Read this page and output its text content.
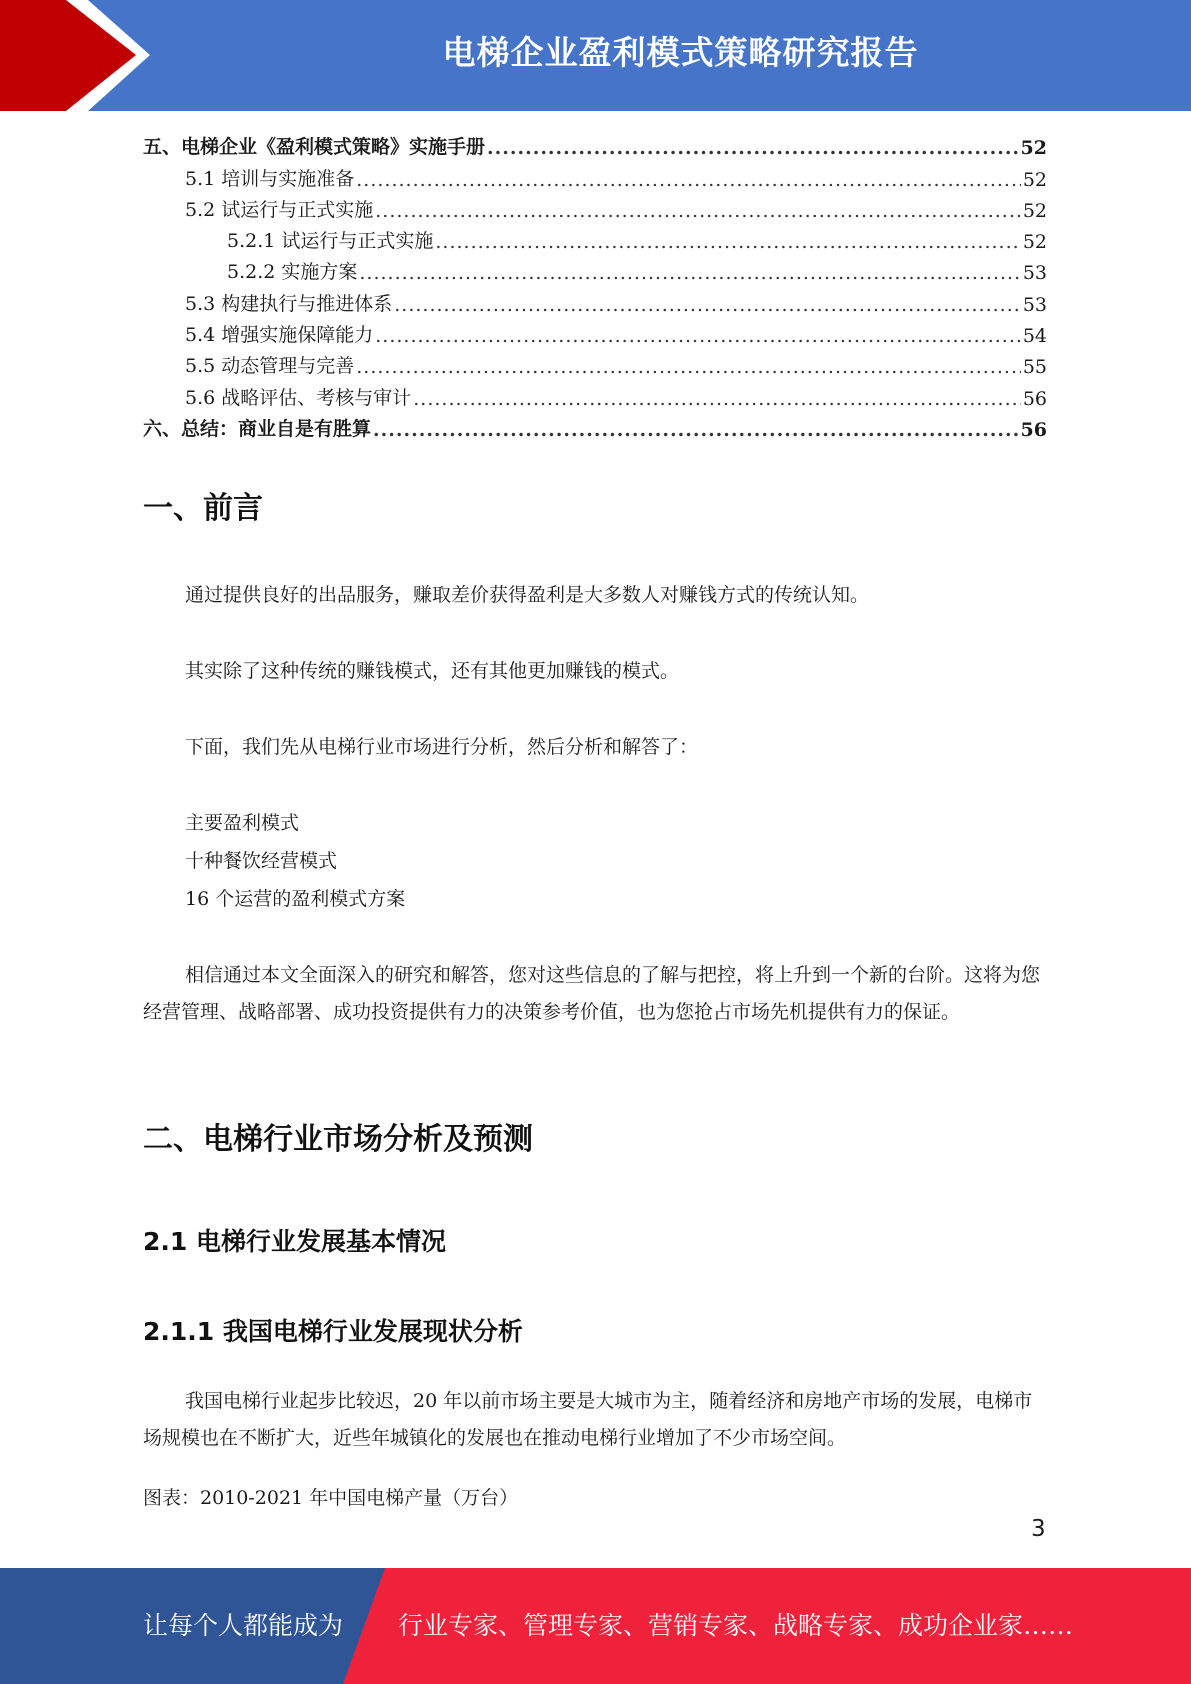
电梯企业盈利模式策略研究报告
五、电梯企业《盈利模式策略》实施手册 .....	52
5.1 培训与实施准备 .....	52
5.2 试运行与正式实施 .....	52
5.2.1 试运行与正式实施 .....	52
5.2.2 实施方案 .....	53
5.3 构建执行与推进体系 .....	53
5.4 增强实施保障能力 .....	54
5.5 动态管理与完善 .....	55
5.6 战略评估、考核与审计 .....	56
六、总结：商业自是有胜算 .....	56
一、前言
通过提供良好的出品服务，赚取差价获得盈利是大多数人对赚钱方式的传统认知。
其实除了这种传统的赚钱模式，还有其他更加赚钱的模式。
下面，我们先从电梯行业市场进行分析，然后分析和解答了：
主要盈利模式
十种餐饮经营模式
16 个运营的盈利模式方案
相信通过本文全面深入的研究和解答，您对这些信息的了解与把控，将上升到一个新的台阶。这将为您经营管理、战略部署、成功投资提供有力的决策参考价值，也为您抢占市场先机提供有力的保证。
二、电梯行业市场分析及预测
2.1 电梯行业发展基本情况
2.1.1 我国电梯行业发展现状分析
我国电梯行业起步比较迟，20 年以前市场主要是大城市为主，随着经济和房地产市场的发展，电梯市场规模也在不断扩大，近些年城镇化的发展也在推动电梯行业增加了不少市场空间。
图表：2010-2021 年中国电梯产量（万台）
3
让每个人都能成为 行业专家、管理专家、营销专家、战略专家、成功企业家……
